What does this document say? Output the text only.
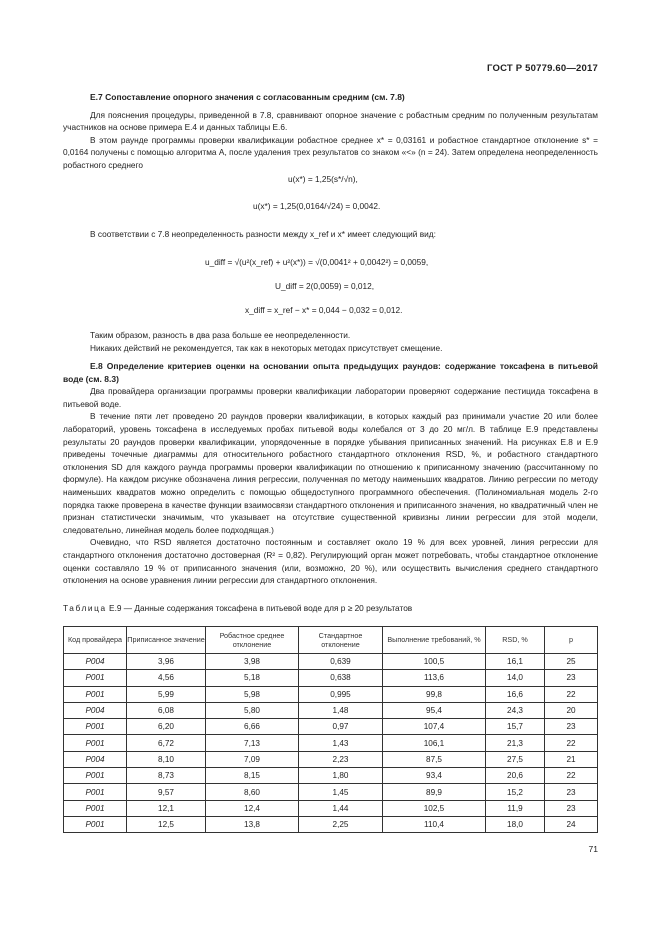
ГОСТ Р 50779.60—2017

Е.7 Сопоставление опорного значения с согласованным средним (см. 7.8)

Для пояснения процедуры, приведенной в 7.8, сравнивают опорное значение с робастным средним по полученным результатам участников на основе примера Е.4 и данных таблицы Е.6.

В этом раунде программы проверки квалификации робастное среднее x* = 0,03161 и робастное стандартное отклонение s* = 0,0164 получены с помощью алгоритма А, после удаления трех результатов со знаком «<» (n = 24). Затем определена неопределенность робастного среднего

u(x*) = 1,25(s*/√n),
u(x*) = 1,25(0,0164/√24) = 0,0042.

В соответствии с 7.8 неопределенность разности между x_ref и x* имеет следующий вид:

u_diff = √(u²(x_ref) + u²(x*)) = √(0,0041² + 0,0042²) = 0,0059,
U_diff = 2(0,0059) = 0,012,
x_diff = x_ref − x* = 0,044 − 0,032 = 0,012.

Таким образом, разность в два раза больше ее неопределенности.

Никаких действий не рекомендуется, так как в некоторых методах присутствует смещение.

Е.8 Определение критериев оценки на основании опыта предыдущих раундов: содержание токсафена в питьевой воде (см. 8.3)

Два провайдера организации программы проверки квалификации лаборатории проверяют содержание пестицида токсафена в питьевой воде.

В течение пяти лет проведено 20 раундов проверки квалификации, в которых каждый раз принимали участие 20 или более лабораторий, уровень токсафена в исследуемых пробах питьевой воды колебался от 3 до 20 мг/л. В таблице Е.9 представлены результаты 20 раундов проверки квалификации, упорядоченные в порядке убывания приписанных значений. На рисунках Е.8 и Е.9 приведены точечные диаграммы для относительного робастного стандартного отклонения RSD, %, и робастного стандартного отклонения SD для каждого раунда программы проверки квалификации по отношению к приписанному значению (рассчитанному по формуле). На каждом рисунке обозначена линия регрессии, полученная по методу наименьших квадратов. Линию регрессии по методу наименьших квадратов можно определить с помощью общедоступного программного обеспечения. (Полиномиальная модель 2-го порядка также проверена в качестве функции взаимосвязи стандартного отклонения и приписанного значения, но квадратичный член не признан статистически значимым, что указывает на отсутствие существенной кривизны линии регрессии для этой модели, следовательно, линейная модель более подходящая.)

Очевидно, что RSD является достаточно постоянным и составляет около 19 % для всех уровней, линия регрессии для стандартного отклонения достаточно достоверная (R² = 0,82). Регулирующий орган может потребовать, чтобы стандартное отклонение оценки составляло 19 % от приписанного значения (или, возможно, 20 %), или осуществить вычисления среднего стандартного отклонения на основе уравнения линии регрессии для стандартного отклонения.

Таблица Е.9 — Данные содержания токсафена в питьевой воде для p ≥ 20 результатов
Код провайдера	Приписанное значение	Робастное среднее отклонение	Стандартное отклонение	Выполнение требований, %	RSD, %	p
P004	3,96	3,98	0,639	100,5	16,1	25
P001	4,56	5,18	0,638	113,6	14,0	23
P001	5,99	5,98	0,995	99,8	16,6	22
P004	6,08	5,80	1,48	95,4	24,3	20
P001	6,20	6,66	0,97	107,4	15,7	23
P001	6,72	7,13	1,43	106,1	21,3	22
P004	8,10	7,09	2,23	87,5	27,5	21
P001	8,73	8,15	1,80	93,4	20,6	22
P001	9,57	8,60	1,45	89,9	15,2	23
P001	12,1	12,4	1,44	102,5	11,9	23
P001	12,5	13,8	2,25	110,4	18,0	24
71
